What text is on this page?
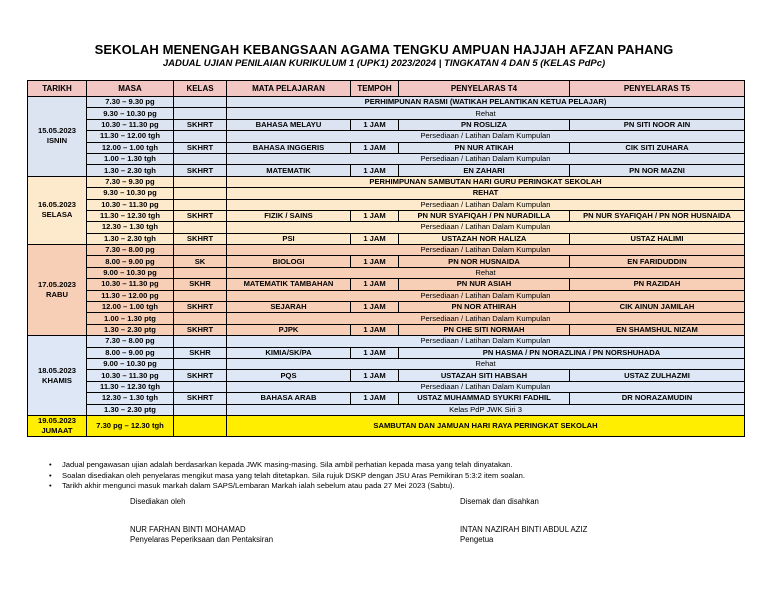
SEKOLAH MENENGAH KEBANGSAAN AGAMA TENGKU AMPUAN HAJJAH AFZAN PAHANG
JADUAL UJIAN PENILAIAN KURIKULUM 1 (UPK1) 2023/2024 | TINGKATAN 4 DAN 5 (KELAS PdPc)
TARIKH	MASA	KELAS	MATA PELAJARAN	TEMPOH	PENYELARAS T4	PENYELARAS T5

15.05.2023
ISNIN	7.30 – 9.30 pg		PERHIMPUNAN RASMI (WATIKAH PELANTIKAN KETUA PELAJAR)			
	9.30 – 10.30 pg		Rehat			
	10.30 – 11.30 pg	SKHRT	BAHASA MELAYU	1 JAM	PN ROSLIZA	PN SITI NOOR AIN
	11.30 – 12.00 tgh		Persediaan / Latihan Dalam Kumpulan			
	12.00 – 1.00 tgh	SKHRT	BAHASA INGGERIS	1 JAM	PN NUR ATIKAH	CIK SITI ZUHARA
	1.00 – 1.30 tgh		Persediaan / Latihan Dalam Kumpulan			
	1.30 – 2.30 tgh	SKHRT	MATEMATIK	1 JAM	EN ZAHARI	PN NOR MAZNI

16.05.2023
SELASA	7.30 – 9.30 pg		PERHIMPUNAN SAMBUTAN HARI GURU PERINGKAT SEKOLAH			
	9.30 – 10.30 pg		REHAT			
	10.30 – 11.30 pg		Persediaan / Latihan Dalam Kumpulan			
	11.30 – 12.30 tgh	SKHRT	FIZIK / SAINS	1 JAM	PN NUR SYAFIQAH / PN NURADILLA	PN NUR SYAFIQAH / PN NOR HUSNAIDA
	12.30 – 1.30 tgh		Persediaan / Latihan Dalam Kumpulan			
	1.30 – 2.30 tgh	SKHRT	PSI	1 JAM	USTAZAH NOR HALIZA	USTAZ HALIMI

17.05.2023
RABU	7.30 – 8.00 pg		Persediaan / Latihan Dalam Kumpulan			
	8.00 – 9.00 pg	SK	BIOLOGI	1 JAM	PN NOR HUSNAIDA	EN FARIDUDDIN
	9.00 – 10.30 pg		Rehat			
	10.30 – 11.30 pg	SKHR	MATEMATIK TAMBAHAN	1 JAM	PN NUR ASIAH	PN RAZIDAH
	11.30 – 12.00 pg		Persediaan / Latihan Dalam Kumpulan			
	12.00 – 1.00 tgh	SKHRT	SEJARAH	1 JAM	PN NOR ATHIRAH	CIK AINUN JAMILAH
	1.00 – 1.30 ptg		Persediaan / Latihan Dalam Kumpulan			
	1.30 – 2.30 ptg	SKHRT	PJPK	1 JAM	PN CHE SITI NORMAH	EN SHAMSHUL NIZAM

18.05.2023
KHAMIS	7.30 – 8.00 pg		Persediaan / Latihan Dalam Kumpulan			
	8.00 – 9.00 pg	SKHR	KIMIA/SK/PA	1 JAM	PN HASMA / PN NORAZLINA / PN NORSHUHADA	
	9.00 – 10.30 pg		Rehat			
	10.30 – 11.30 pg	SKHRT	PQS	1 JAM	USTAZAH SITI HABSAH	USTAZ ZULHAZMI
	11.30 – 12.30 tgh		Persediaan / Latihan Dalam Kumpulan			
	12.30 – 1.30 tgh	SKHRT	BAHASA ARAB	1 JAM	USTAZ MUHAMMAD SYUKRI FADHIL	DR NORAZAMUDIN
	1.30 – 2.30 ptg		Kelas PdP JWK Siri 3			

19.05.2023
JUMAAT	7.30 pg – 12.30 tgh		SAMBUTAN DAN JAMUAN HARI RAYA PERINGKAT SEKOLAH			
• Jadual pengawasan ujian adalah berdasarkan kepada JWK masing-masing. Sila ambil perhatian kepada masa yang telah dinyatakan.
• Soalan disediakan oleh penyelaras mengikut masa yang telah ditetapkan. Sila rujuk DSKP dengan JSU Aras Pemikiran 5:3:2 item soalan.
• Tarikh akhir mengunci masuk markah dalam SAPS/Lembaran Markah ialah sebelum atau pada 27 Mei 2023 (Sabtu).
Disediakan oleh
NUR FARHAN BINTI MOHAMAD
Penyelaras Peperiksaan dan Pentaksiran
Disemak dan disahkan
INTAN NAZIRAH BINTI ABDUL AZIZ
Pengetua
